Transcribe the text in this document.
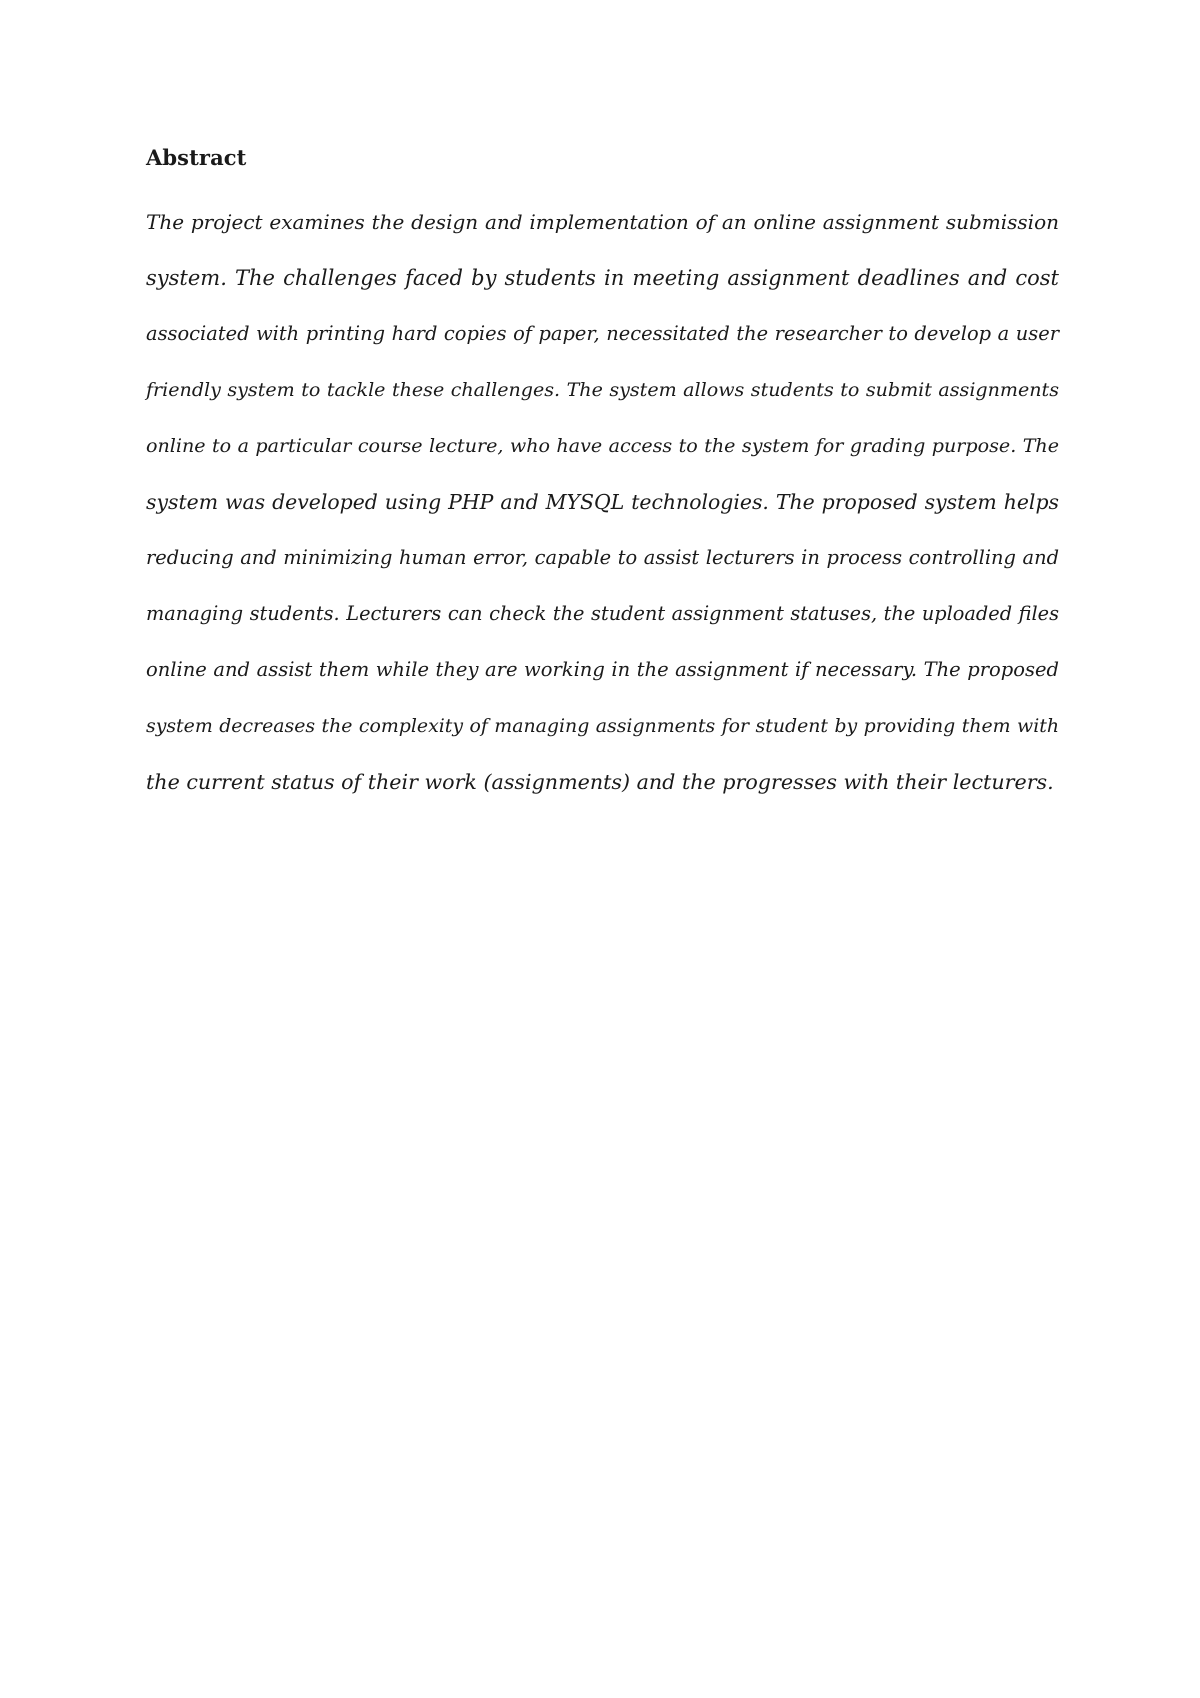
Abstract
The project examines the design and implementation of an online assignment submission
system. The challenges faced by students in meeting assignment deadlines and cost
associated with printing hard copies of paper, necessitated the researcher to develop a user
friendly system to tackle these challenges. The system allows students to submit assignments
online to a particular course lecture, who have access to the system for grading purpose. The
system was developed using PHP and MYSQL technologies. The proposed system helps
reducing and minimizing human error, capable to assist lecturers in process controlling and
managing students. Lecturers can check the student assignment statuses, the uploaded files
online and assist them while they are working in the assignment if necessary. The proposed
system decreases the complexity of managing assignments for student by providing them with
the current status of their work (assignments) and the progresses with their lecturers.
